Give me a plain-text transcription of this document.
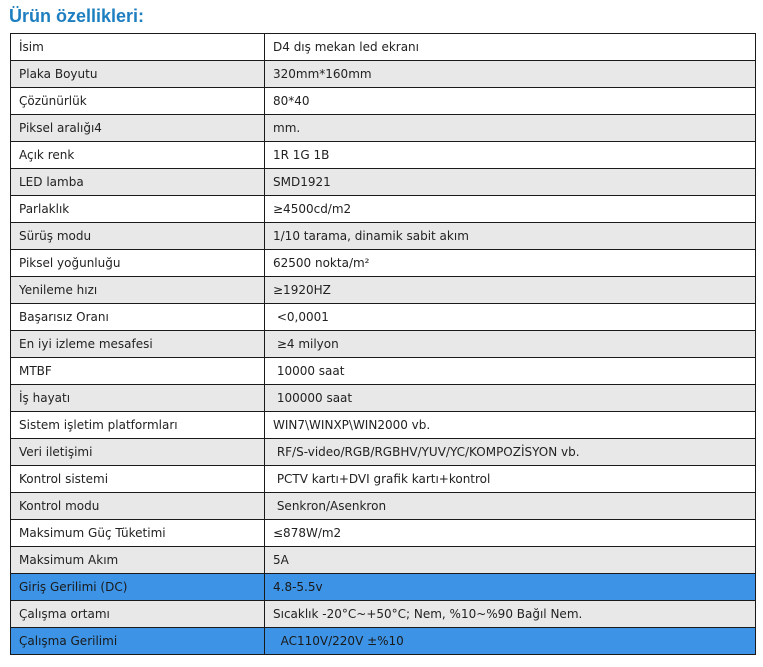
Ürün özellikleri:
İsim	D4 dış mekan led ekranı
Plaka Boyutu	320mm*160mm
Çözünürlük	80*40
Piksel aralığı4	mm.
Açık renk	1R 1G 1B
LED lamba	SMD1921
Parlaklık	≥4500cd/m2
Sürüş modu	1/10 tarama, dinamik sabit akım
Piksel yoğunluğu	62500 nokta/m²
Yenileme hızı	≥1920HZ
Başarısız Oranı	<0,0001
En iyi izleme mesafesi	≥4 milyon
MTBF	10000 saat
İş hayatı	100000 saat
Sistem işletim platformları	WIN7\WINXP\WIN2000 vb.
Veri iletişimi	RF/S-video/RGB/RGBHV/YUV/YC/KOMPOZİSYON vb.
Kontrol sistemi	PCTV kartı+DVI grafik kartı+kontrol
Kontrol modu	Senkron/Asenkron
Maksimum Güç Tüketimi	≤878W/m2
Maksimum Akım	5A
Giriş Gerilimi (DC)	4.8-5.5v
Çalışma ortamı	Sıcaklık -20°C~+50°C; Nem, %10~%90 Bağıl Nem.
Çalışma Gerilimi	AC110V/220V ±%10
